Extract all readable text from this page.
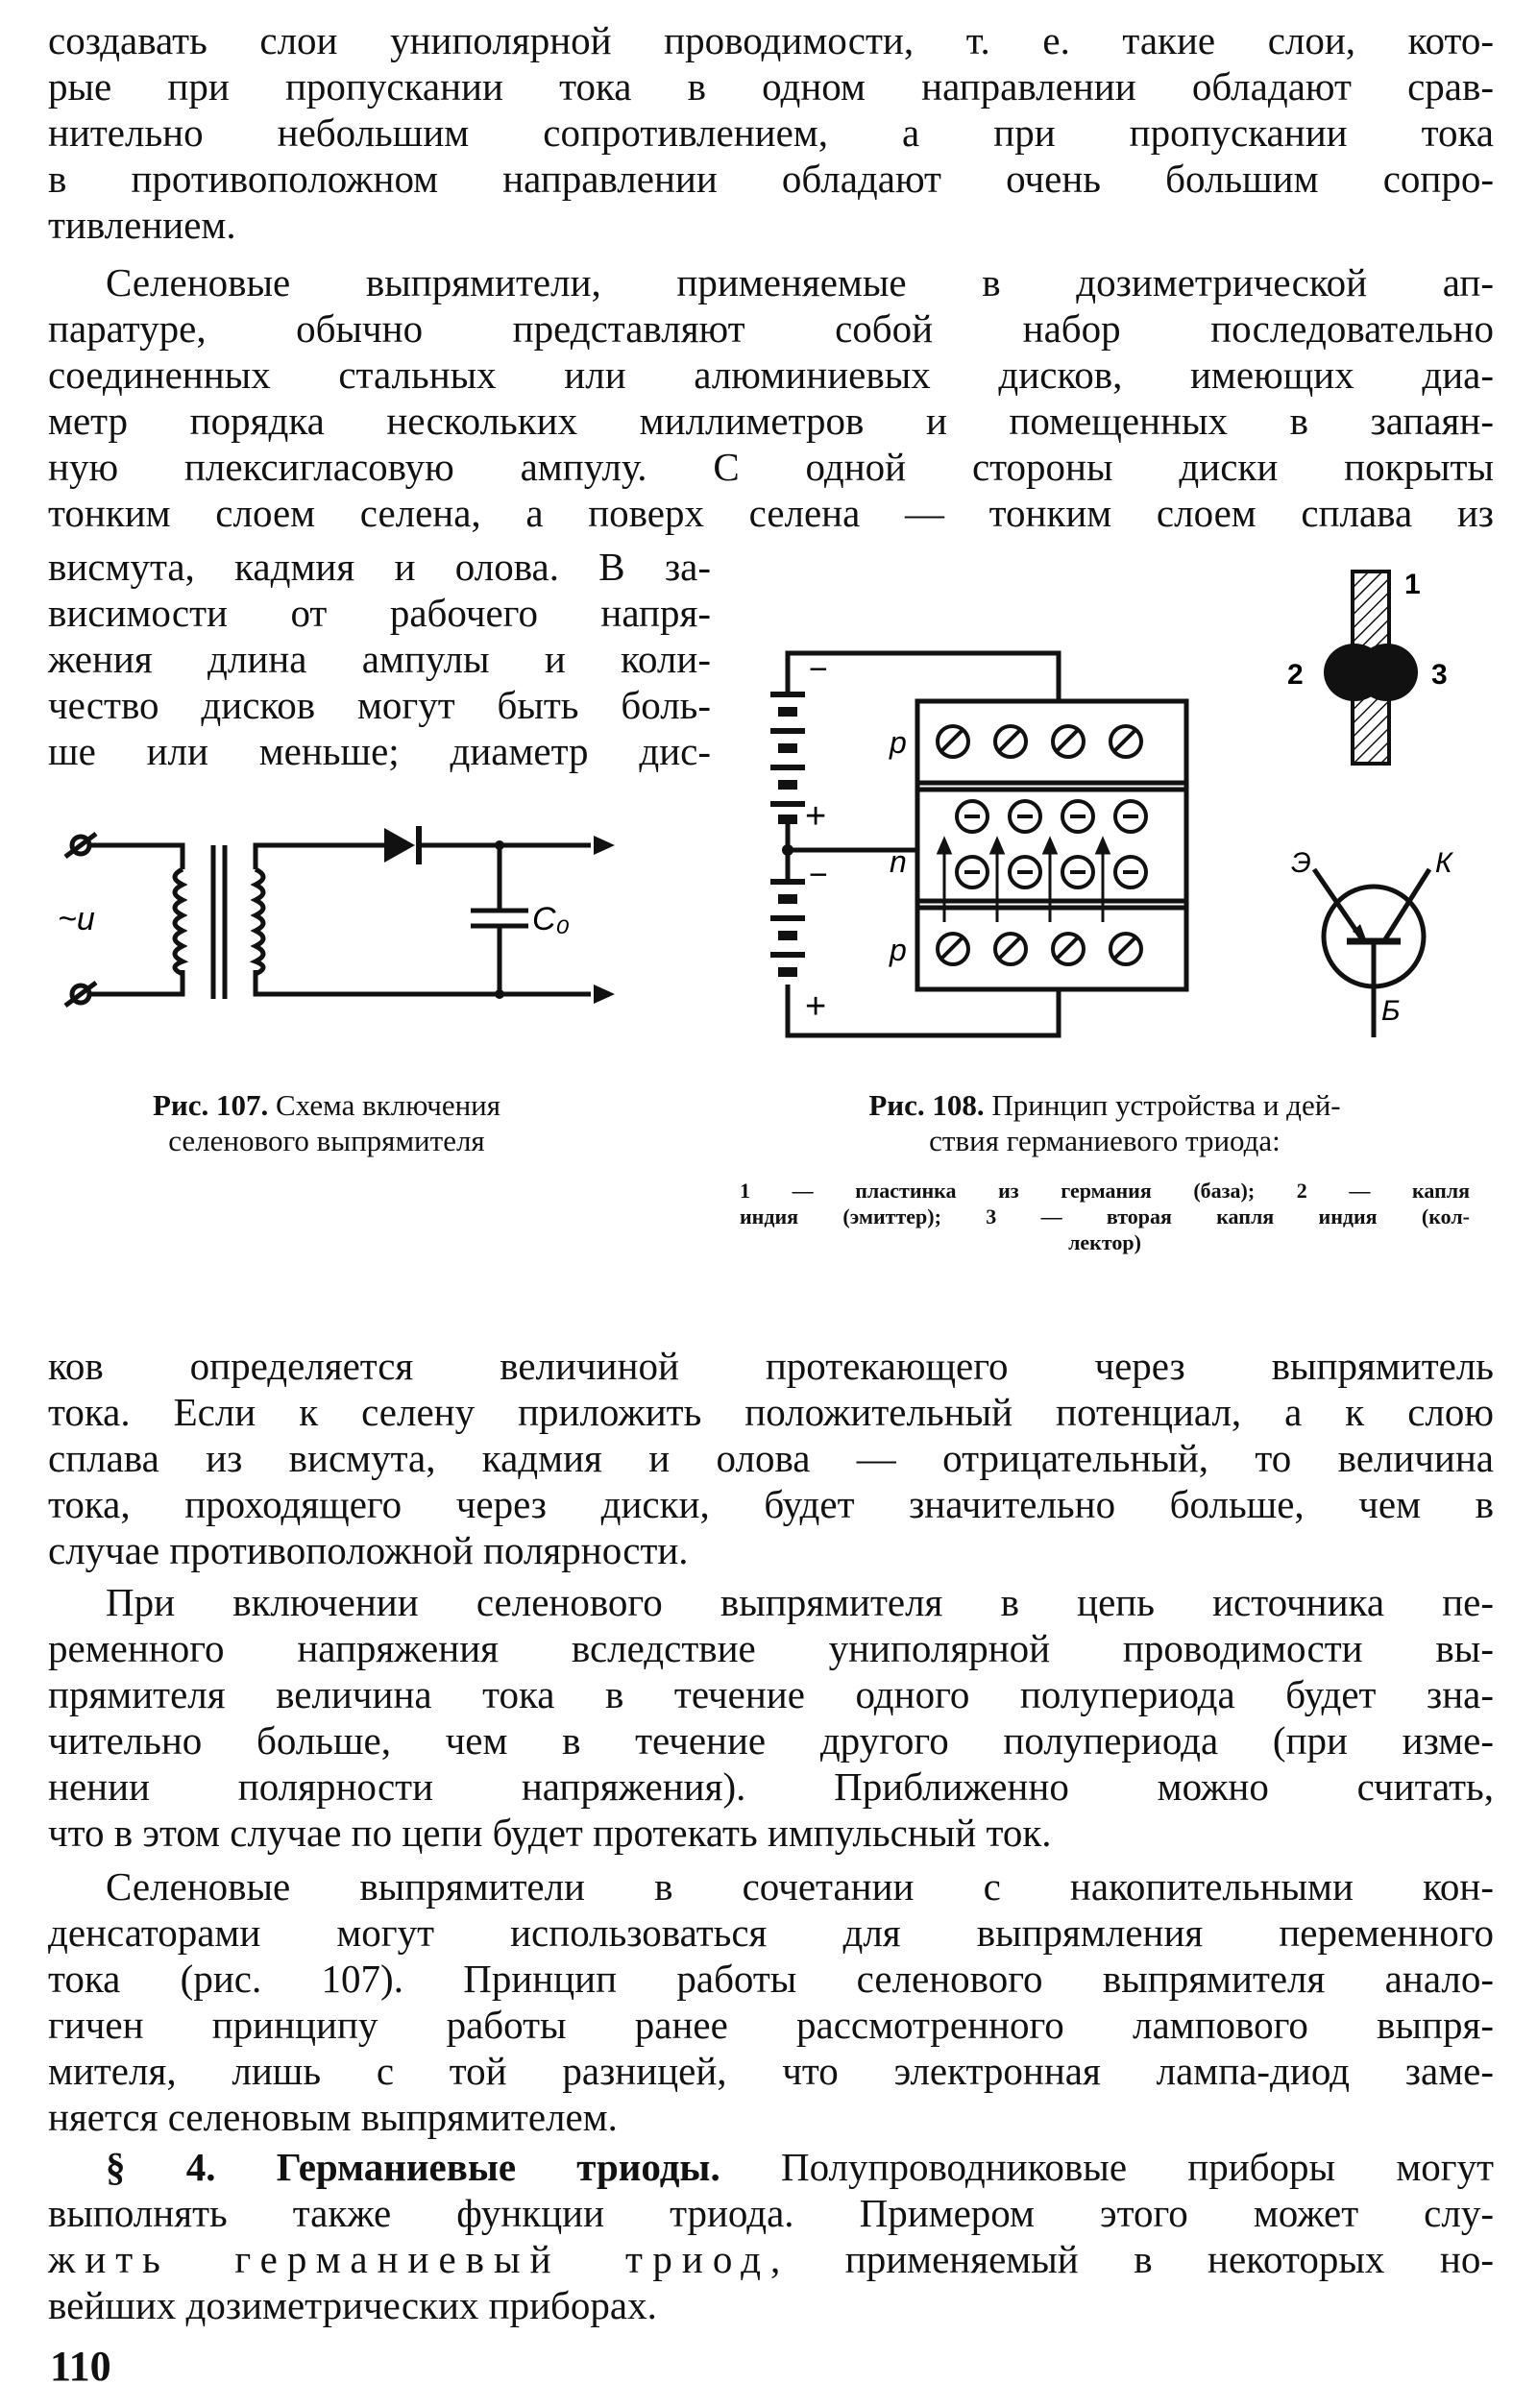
создавать слои униполярной проводимости, т. е. такие слои, кото-
рые при пропускании тока в одном направлении обладают срав-
нительно небольшим сопротивлением, а при пропускании тока
в противоположном направлении обладают очень большим сопро-
тивлением.
Селеновые выпрямители, применяемые в дозиметрической ап-
паратуре, обычно представляют собой набор последовательно
соединенных стальных или алюминиевых дисков, имеющих диа-
метр порядка нескольких миллиметров и помещенных в запаян-
ную плексигласовую ампулу. С одной стороны диски покрыты
тонким слоем селена, а поверх селена — тонким слоем сплава из
висмута, кадмия и олова. В за-
висимости от рабочего напря-
жения длина ампулы и коли-
чество дисков могут быть боль-
ше или меньше; диаметр дис-
~u	C₀
Рис. 107. Схема включения
селенового выпрямителя
−
+
−
+
p
n
p
1
2	3
Э	К
Б
Рис. 108. Принцип устройства и дей-
ствия германиевого триода:
1 — пластинка из германия (база); 2 — капля
индия (эмиттер); 3 — вторая капля индия (кол-
лектор)
ков определяется величиной протекающего через выпрямитель
тока. Если к селену приложить положительный потенциал, а к слою
сплава из висмута, кадмия и олова — отрицательный, то величина
тока, проходящего через диски, будет значительно больше, чем в
случае противоположной полярности.
При включении селенового выпрямителя в цепь источника пе-
ременного напряжения вследствие униполярной проводимости вы-
прямителя величина тока в течение одного полупериода будет зна-
чительно больше, чем в течение другого полупериода (при изме-
нении полярности напряжения). Приближенно можно считать,
что в этом случае по цепи будет протекать импульсный ток.
Селеновые выпрямители в сочетании с накопительными кон-
денсаторами могут использоваться для выпрямления переменного
тока (рис. 107). Принцип работы селенового выпрямителя анало-
гичен принципу работы ранее рассмотренного лампового выпря-
мителя, лишь с той разницей, что электронная лампа-диод заме-
няется селеновым выпрямителем.
§ 4. Германиевые триоды. Полупроводниковые приборы могут
выполнять также функции триода. Примером этого может слу-
жить германиевый триод, применяемый в некоторых но-
вейших дозиметрических приборах.
110
